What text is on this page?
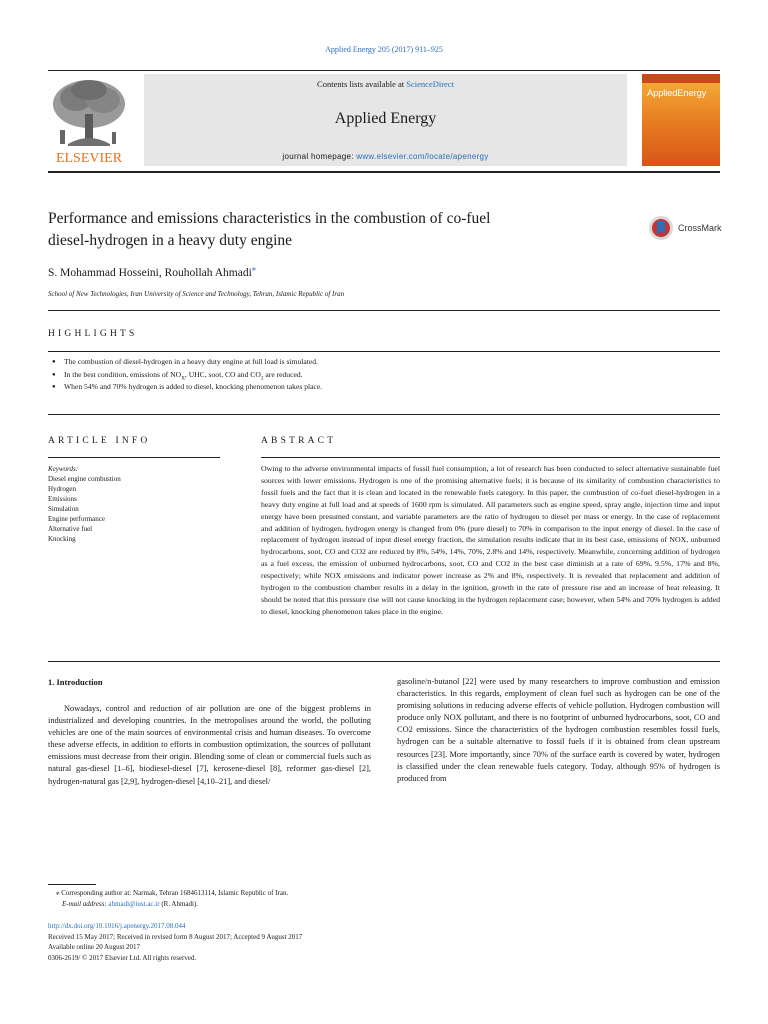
Applied Energy 205 (2017) 911–925
ELSEVIER
Contents lists available at ScienceDirect
Applied Energy
journal homepage: www.elsevier.com/locate/apenergy
AppliedEnergy
Performance and emissions characteristics in the combustion of co-fuel
diesel-hydrogen in a heavy duty engine
CrossMark
S. Mohammad Hosseini, Rouhollah Ahmadi⁎
School of New Technologies, Iran University of Science and Technology, Tehran, Islamic Republic of Iran
HIGHLIGHTS
● The combustion of diesel-hydrogen in a heavy duty engine at full load is simulated.
● In the best condition, emissions of $NO_X$, UHC, soot, CO and $CO_2$ are reduced.
● When 54% and 70% hydrogen is added to diesel, knocking phenomenon takes place.
ARTICLE INFO	ABSTRACT
Keywords:
Diesel engine combustion
Hydrogen
Emissions
Simulation
Engine performance
Alternative fuel
Knocking

Owing to the adverse environmental impacts of fossil fuel consumption, a lot of research has been conducted to select alternative sustainable fuel sources with lower emissions. Hydrogen is one of the promising alternative fuels; it is because of its similarity of combustion characteristics to fossil fuels and the fact that it is clean and located in the renewable fuels category. In this paper, the combustion of co-fuel diesel-hydrogen in a heavy duty engine at full load and at speeds of 1600 rpm is simulated. All parameters such as engine speed, spray angle, injection time and input energy have been presumed constant, and variable parameters are the ratio of hydrogen to diesel per mass or energy. In the case of replacement and addition of hydrogen, hydrogen energy is changed from 0% (pure diesel) to 70% in comparison to the input energy of diesel. In the case of replacement of hydrogen instead of input diesel energy fraction, the simulation results indicate that in its best case, emissions of NOX, unburned hydrocarbons, soot, CO and CO2 are reduced by 8%, 54%, 14%, 70%, 2.8% and 14%, respectively. Meanwhile, concerning addition of hydrogen as a fuel excess, the emission of unburned hydrocarbons, soot, CO and CO2 in the best case diminish at a rate of 69%, 9.5%, 17% and 8%, respectively; while NOX emissions and indicator power increase as 2% and 8%, respectively. It is revealed that replacement and addition of hydrogen to the combustion chamber results in a delay in the ignition, growth in the rate of pressure rise and an increase of heat releasing. It should be noted that this pressure rise will not cause knocking in the hydrogen replacement case; however, when 54% and 70% hydrogen is added to diesel, knocking phenomenon takes place in the engine.

1. Introduction

Nowadays, control and reduction of air pollution are one of the biggest problems in industrialized and developing countries. In the metropolises around the world, the polluting vehicles are one of the main sources of environmental crisis and human diseases. To overcome these adverse effects, in addition to efforts in combustion optimization, the sources of pollutant emissions must decrease from their origin. Blending some of clean or commercial fuels such as natural gas-diesel [1–6], biodiesel-diesel [7], kerosene-diesel [8], reformer gas-diesel [2], hydrogen-natural gas [2,9], hydrogen-diesel [4,10–21], and diesel/

gasoline/n-butanol [22] were used by many researchers to improve combustion and emission characteristics. In this regards, employment of clean fuel such as hydrogen can be one of the promising solutions in reducing adverse effects of vehicle pollution. Hydrogen combustion will produce only NOX pollutant, and there is no footprint of unburned hydrocarbons, soot, CO and CO2 emissions. Since the characteristics of the hydrogen combustion resembles fossil fuels, hydrogen can be a suitable alternative to fossil fuels if it is obtained from clean upstream resources [23]. More importantly, since 70% of the surface earth is covered by water, hydrogen is classified under the clean renewable fuels category. Today, although 95% of hydrogen is produced from

⁎ Corresponding author at: Narmak, Tehran 1684613114, Islamic Republic of Iran.
E-mail address: ahmadi@iust.ac.ir (R. Ahmadi).
http://dx.doi.org/10.1016/j.apenergy.2017.08.044
Received 15 May 2017; Received in revised form 8 August 2017; Accepted 9 August 2017
Available online 20 August 2017
0306-2619/ © 2017 Elsevier Ltd. All rights reserved.
